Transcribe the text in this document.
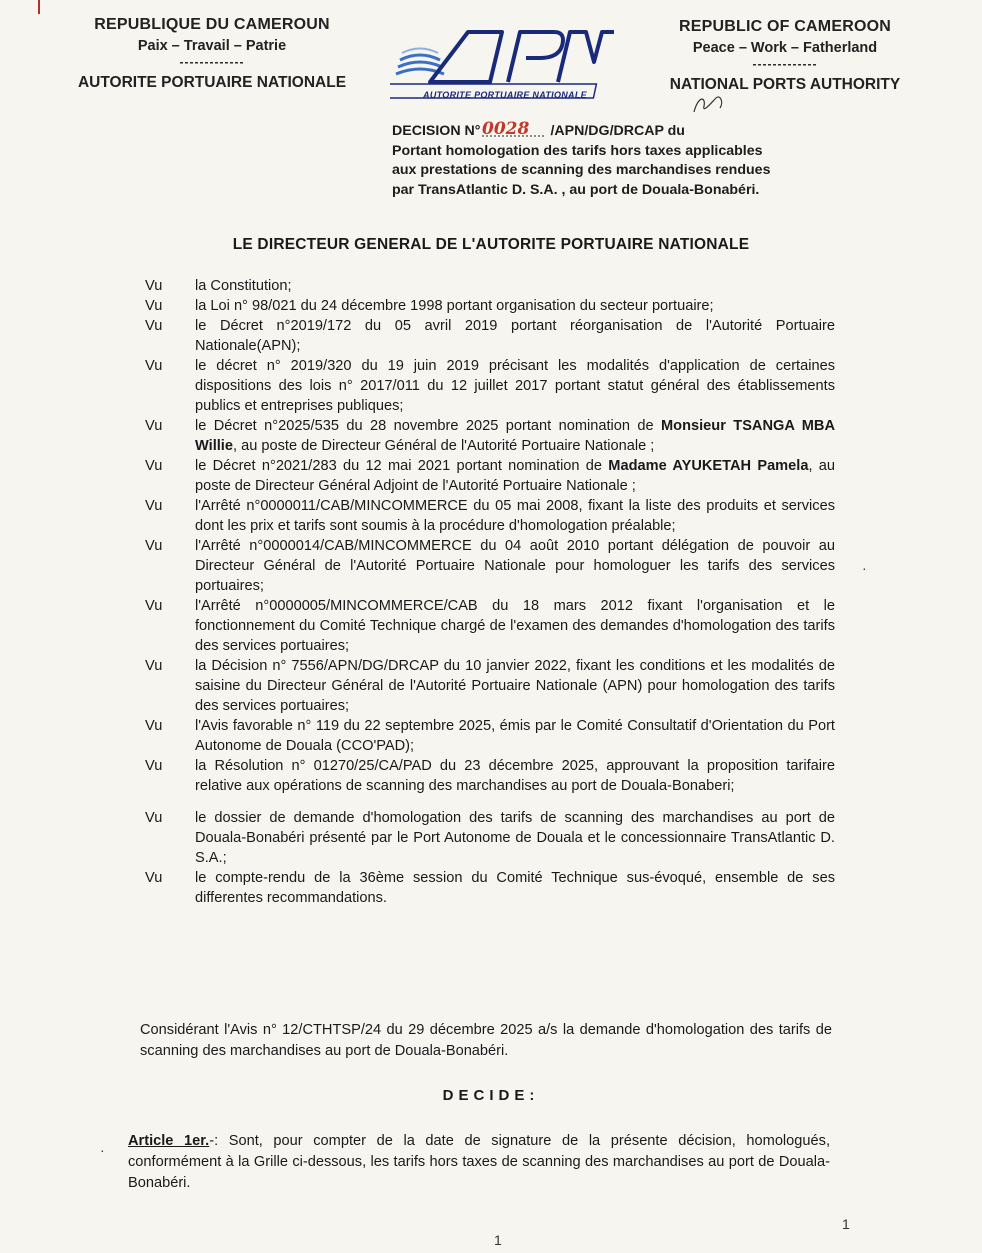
REPUBLIQUE DU CAMEROUN
Paix – Travail – Patrie
-------------
AUTORITE PORTUAIRE NATIONALE
REPUBLIC OF CAMEROON
Peace – Work – Fatherland
-------------
NATIONAL PORTS AUTHORITY
AUTORITE PORTUAIRE NATIONALE
DECISION N° 0028 /APN/DG/DRCAP du
Portant homologation des tarifs hors taxes applicables
aux prestations de scanning des marchandises rendues
par TransAtlantic D. S.A. , au port de Douala-Bonabéri.
LE DIRECTEUR GENERAL DE L'AUTORITE PORTUAIRE NATIONALE
Vu	la Constitution;
Vu	la Loi n° 98/021 du 24 décembre 1998 portant organisation du secteur portuaire;
Vu	le Décret n°2019/172 du 05 avril 2019 portant réorganisation de l'Autorité Portuaire Nationale(APN);
Vu	le décret n° 2019/320 du 19 juin 2019 précisant les modalités d'application de certaines dispositions des lois n° 2017/011 du 12 juillet 2017 portant statut général des établissements publics et entreprises publiques;
Vu	le Décret n°2025/535 du 28 novembre 2025 portant nomination de Monsieur TSANGA MBA Willie, au poste de Directeur Général de l'Autorité Portuaire Nationale ;
Vu	le Décret n°2021/283 du 12 mai 2021 portant nomination de Madame AYUKETAH Pamela, au poste de Directeur Général Adjoint de l'Autorité Portuaire Nationale ;
Vu	l'Arrêté n°0000011/CAB/MINCOMMERCE du 05 mai 2008, fixant la liste des produits et services dont les prix et tarifs sont soumis à la procédure d'homologation préalable;
Vu	l'Arrêté n°0000014/CAB/MINCOMMERCE du 04 août 2010 portant délégation de pouvoir au Directeur Général de l'Autorité Portuaire Nationale pour homologuer les tarifs des services portuaires;
Vu	l'Arrêté n°0000005/MINCOMMERCE/CAB du 18 mars 2012 fixant l'organisation et le fonctionnement du Comité Technique chargé de l'examen des demandes d'homologation des tarifs des services portuaires;
Vu	la Décision n° 7556/APN/DG/DRCAP du 10 janvier 2022, fixant les conditions et les modalités de saisine du Directeur Général de l'Autorité Portuaire Nationale (APN) pour homologation des tarifs des services portuaires;
Vu	l'Avis favorable n° 119 du 22 septembre 2025, émis par le Comité Consultatif d'Orientation du Port Autonome de Douala (CCO'PAD);
Vu	la Résolution n° 01270/25/CA/PAD du 23 décembre 2025, approuvant la proposition tarifaire relative aux opérations de scanning des marchandises au port de Douala-Bonaberi;
Vu	le dossier de demande d'homologation des tarifs de scanning des marchandises au port de Douala-Bonabéri présenté par le Port Autonome de Douala et le concessionnaire TransAtlantic D. S.A.;
Vu	le compte-rendu de la 36ème session du Comité Technique sus-évoqué, ensemble de ses differentes recommandations.
Considérant l'Avis n° 12/CTHTSP/24 du 29 décembre 2025 a/s la demande d'homologation des tarifs de scanning des marchandises au port de Douala-Bonabéri.
DECIDE:
Article 1er.-: Sont, pour compter de la date de signature de la présente décision, homologués, conformément à la Grille ci-dessous, les tarifs hors taxes de scanning des marchandises au port de Douala-Bonabéri.
·
·
1
1
